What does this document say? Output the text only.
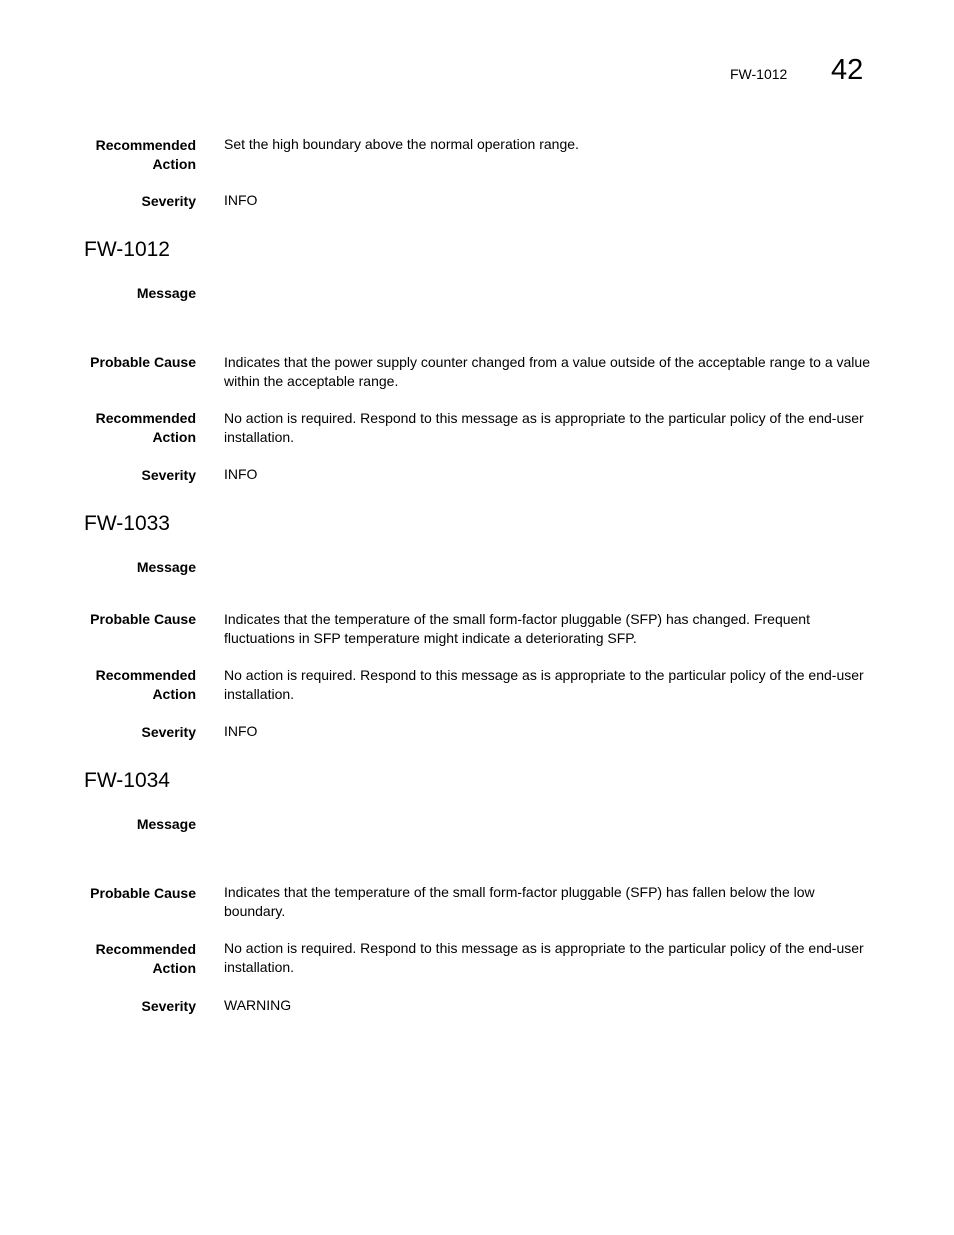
FW-1012 42
Recommended Action
Set the high boundary above the normal operation range.
Severity INFO
FW-1012
Message
Probable Cause Indicates that the power supply counter changed from a value outside of the acceptable range to a value within the acceptable range.
Recommended Action
No action is required. Respond to this message as is appropriate to the particular policy of the end-user installation.
Severity INFO
FW-1033
Message
Probable Cause Indicates that the temperature of the small form-factor pluggable (SFP) has changed. Frequent fluctuations in SFP temperature might indicate a deteriorating SFP.
Recommended Action
No action is required. Respond to this message as is appropriate to the particular policy of the end-user installation.
Severity INFO
FW-1034
Message
Probable Cause Indicates that the temperature of the small form-factor pluggable (SFP) has fallen below the low boundary.
Recommended Action
No action is required. Respond to this message as is appropriate to the particular policy of the end-user installation.
Severity WARNING
